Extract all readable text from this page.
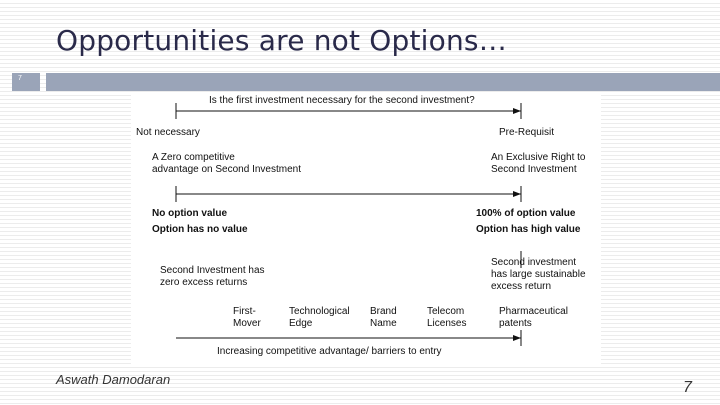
Opportunities are not Options…
7
Is the first investment necessary for the second investment?
Not necessary	Pre-Requisit
A Zero competitive
advantage on Second Investment
An Exclusive Right to
Second Investment
No option value
Option has no value
100% of option value
Option has high value
Second Investment has
zero excess returns
Second investment
has large sustainable
excess return
First-
Mover
Technological
Edge
Brand
Name
Telecom
Licenses
Pharmaceutical
patents
Increasing competitive advantage/ barriers to entry
Aswath Damodaran	7
